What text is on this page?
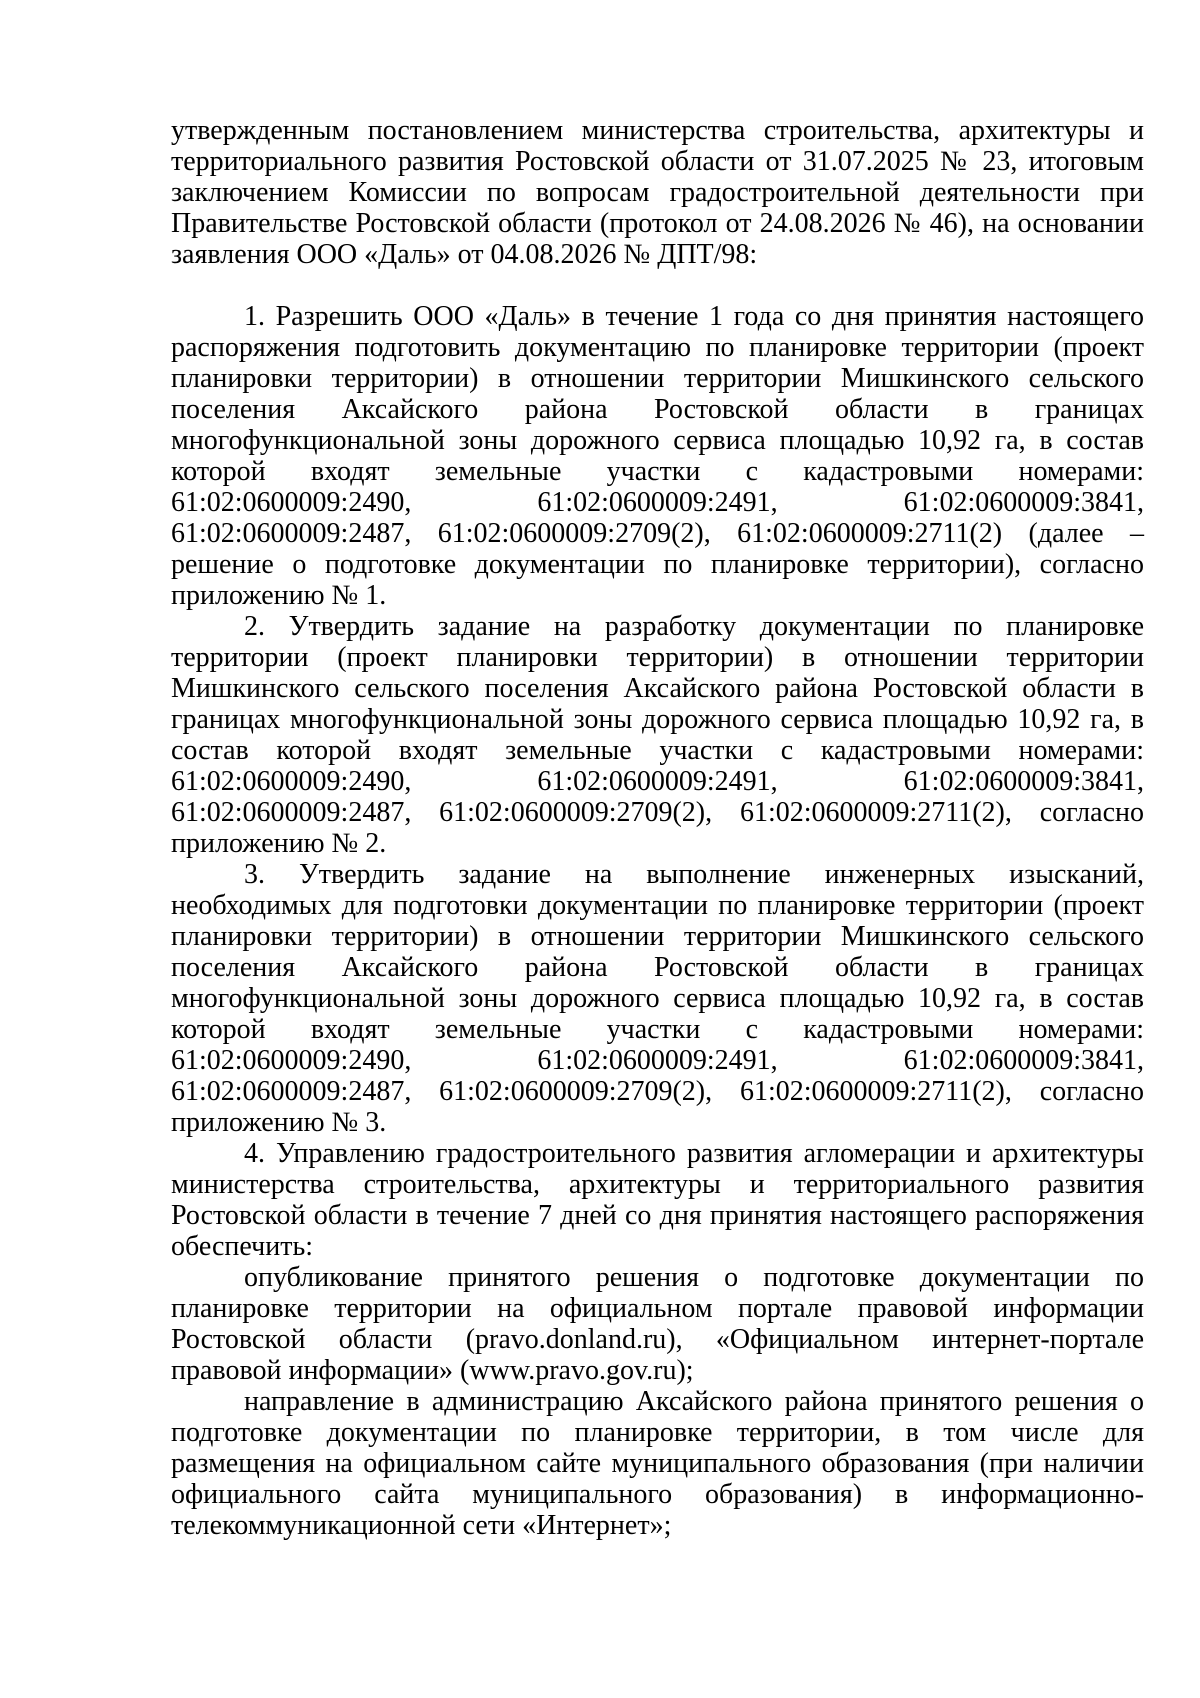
утвержденным постановлением министерства строительства, архитектуры и территориального развития Ростовской области от 31.07.2025 № 23, итоговым заключением Комиссии по вопросам градостроительной деятельности при Правительстве Ростовской области (протокол от 24.08.2026 № 46), на основании заявления ООО «Даль» от 04.08.2026 № ДПТ/98:

1. Разрешить ООО «Даль» в течение 1 года со дня принятия настоящего распоряжения подготовить документацию по планировке территории (проект планировки территории) в отношении территории Мишкинского сельского поселения Аксайского района Ростовской области в границах многофункциональной зоны дорожного сервиса площадью 10,92 га, в состав которой входят земельные участки с кадастровыми номерами: 61:02:0600009:2490, 61:02:0600009:2491, 61:02:0600009:3841, 61:02:0600009:2487, 61:02:0600009:2709(2), 61:02:0600009:2711(2) (далее – решение о подготовке документации по планировке территории), согласно приложению № 1.

2. Утвердить задание на разработку документации по планировке территории (проект планировки территории) в отношении территории Мишкинского сельского поселения Аксайского района Ростовской области в границах многофункциональной зоны дорожного сервиса площадью 10,92 га, в состав которой входят земельные участки с кадастровыми номерами: 61:02:0600009:2490, 61:02:0600009:2491, 61:02:0600009:3841, 61:02:0600009:2487, 61:02:0600009:2709(2), 61:02:0600009:2711(2), согласно приложению № 2.

3. Утвердить задание на выполнение инженерных изысканий, необходимых для подготовки документации по планировке территории (проект планировки территории) в отношении территории Мишкинского сельского поселения Аксайского района Ростовской области в границах многофункциональной зоны дорожного сервиса площадью 10,92 га, в состав которой входят земельные участки с кадастровыми номерами: 61:02:0600009:2490, 61:02:0600009:2491, 61:02:0600009:3841, 61:02:0600009:2487, 61:02:0600009:2709(2), 61:02:0600009:2711(2), согласно приложению № 3.

4. Управлению градостроительного развития агломерации и архитектуры министерства строительства, архитектуры и территориального развития Ростовской области в течение 7 дней со дня принятия настоящего распоряжения обеспечить:

опубликование принятого решения о подготовке документации по планировке территории на официальном портале правовой информации Ростовской области (pravo.donland.ru), «Официальном интернет-портале правовой информации» (www.pravo.gov.ru);

направление в администрацию Аксайского района принятого решения о подготовке документации по планировке территории, в том числе для размещения на официальном сайте муниципального образования (при наличии официального сайта муниципального образования) в информационно-телекоммуникационной сети «Интернет»;
